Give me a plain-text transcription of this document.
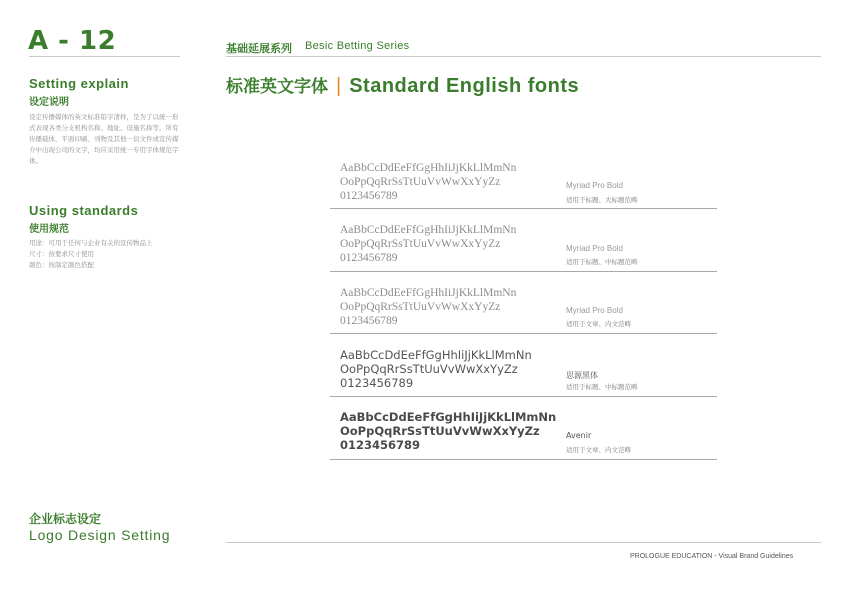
A - 12	基础延展系列 Besic Betting Series
Setting explain
设定说明
设定传播媒体的英文标准铅字清样，是为了以统一形式表现各类分支机构名称、地址、设施名称等。所有传播载体，平面印刷、刊物及其他一切文件或宣传媒介中出现公司的文字，均应采用统一专用字体规范字体。
Using standards
使用规范
用途：可用于任何与企业有关的宣传物品上
尺寸：按要求尺寸使用
颜色：按制定颜色搭配
标准英文字体 | Standard English fonts
AaBbCcDdEeFfGgHhIiJjKkLlMmNn
OoPpQqRrSsTtUuVvWwXxYyZz
0123456789
Myriad Pro Bold
适用于标题、大标题范畴
AaBbCcDdEeFfGgHhIiJjKkLlMmNn
OoPpQqRrSsTtUuVvWwXxYyZz
0123456789
Myriad Pro Bold
适用于标题、中标题范畴
AaBbCcDdEeFfGgHhIiJjKkLlMmNn
OoPpQqRrSsTtUuVvWwXxYyZz
0123456789
Myriad Pro Bold
适用于文章、内文范畴
AaBbCcDdEeFfGgHhIiJjKkLlMmNn
OoPpQqRrSsTtUuVvWwXxYyZz
0123456789
思源黑体
适用于标题、中标题范畴
AaBbCcDdEeFfGgHhIiJjKkLlMmNn
OoPpQqRrSsTtUuVvWwXxYyZz
0123456789
Avenir
适用于文章、内文范畴
企业标志设定
Logo Design Setting
PROLOGUE EDUCATION - Visual Brand Guidelines
